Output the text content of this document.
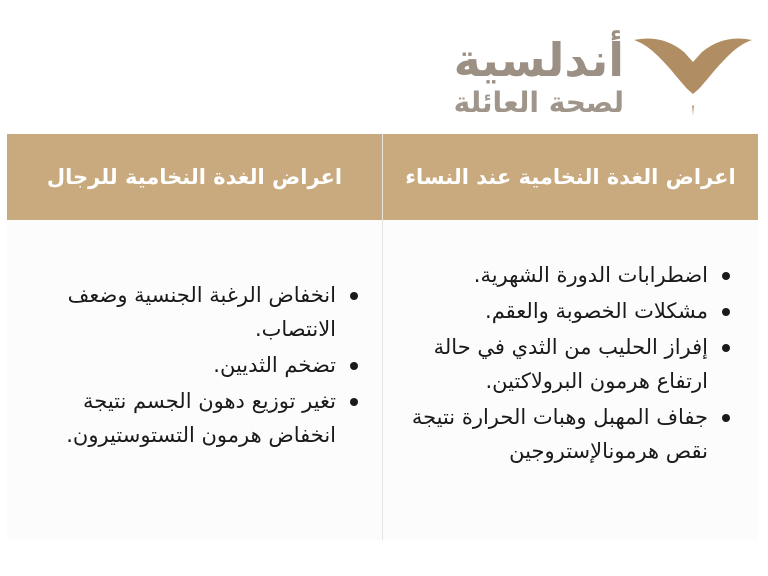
أندلسية
لصحة العائلة
اعراض الغدة النخامية عند النساء
اضطرابات الدورة الشهرية.
مشكلات الخصوبة والعقم.
إفراز الحليب من الثدي في حالة ارتفاع هرمون البرولاكتين.
جفاف المهبل وهبات الحرارة نتيجة نقص هرمونالإستروجين
اعراض الغدة النخامية للرجال
انخفاض الرغبة الجنسية وضعف الانتصاب.
تضخم الثديين.
تغير توزيع دهون الجسم نتيجة انخفاض هرمون التستوستيرون.
